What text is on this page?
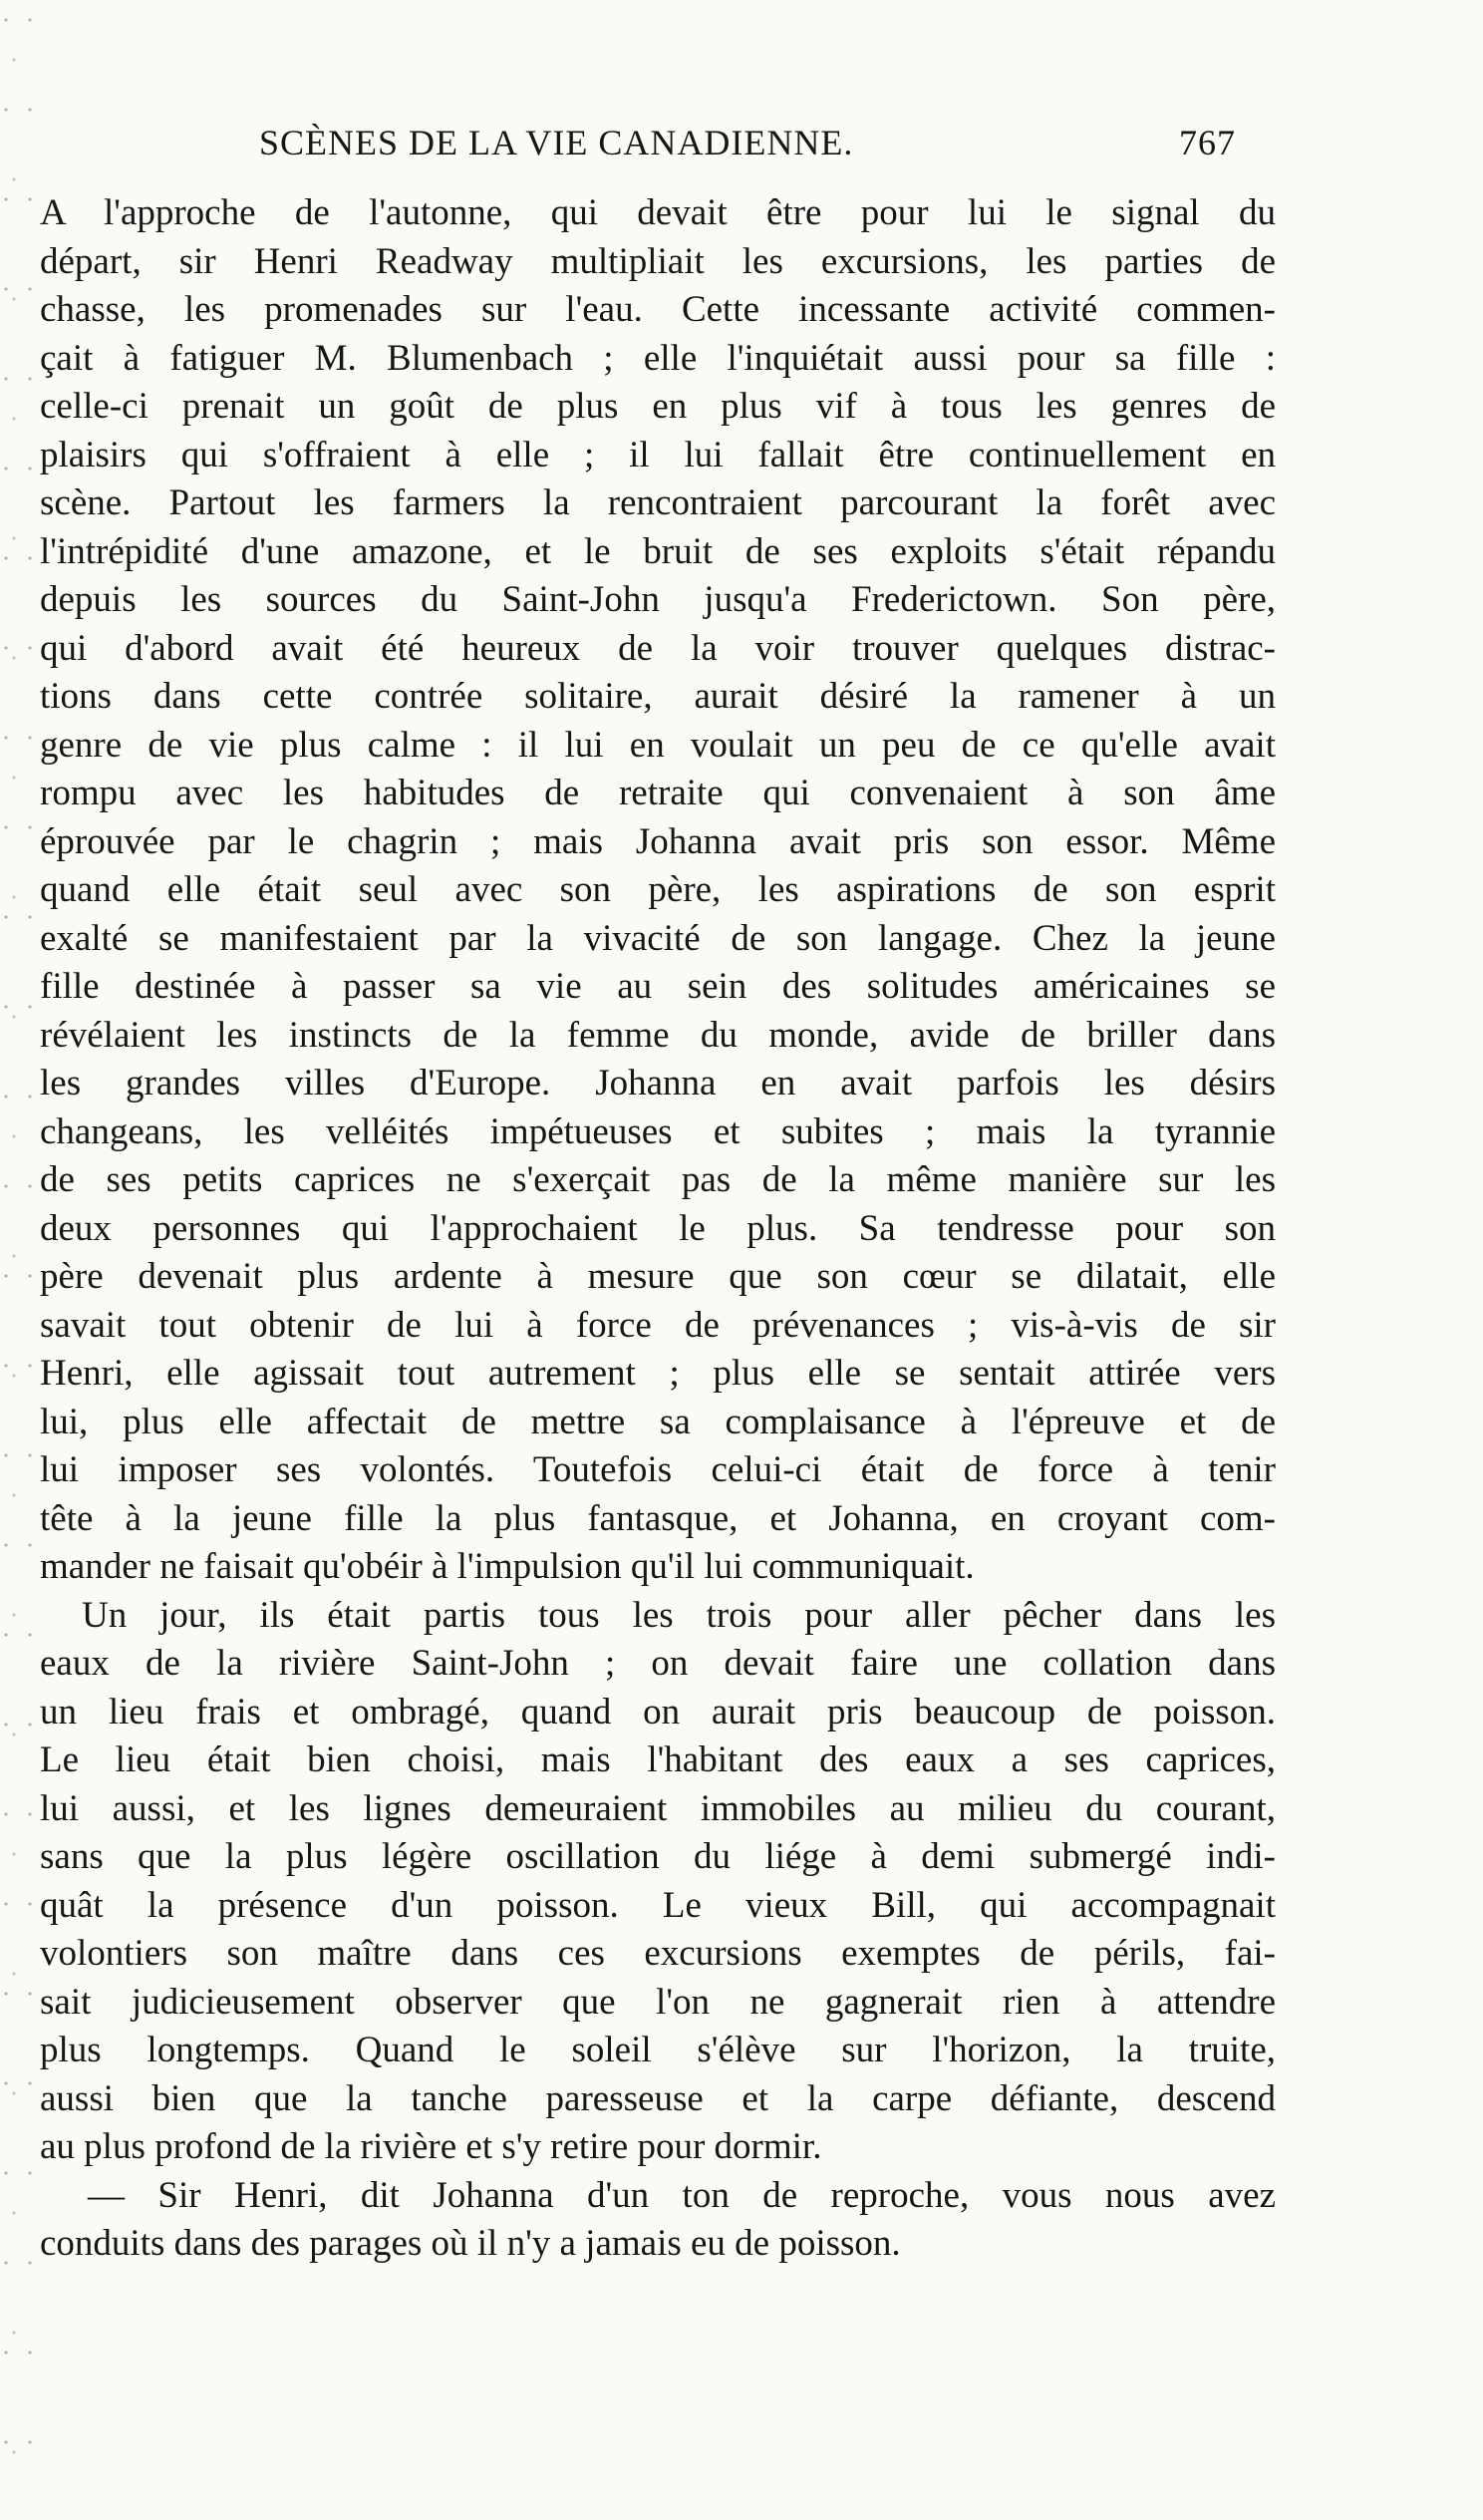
SCÈNES DE LA VIE CANADIENNE.	767
A l'approche de l'autonne, qui devait être pour lui le signal du
départ, sir Henri Readway multipliait les excursions, les parties de
chasse, les promenades sur l'eau. Cette incessante activité commen-
çait à fatiguer M. Blumenbach ; elle l'inquiétait aussi pour sa fille :
celle-ci prenait un goût de plus en plus vif à tous les genres de
plaisirs qui s'offraient à elle ; il lui fallait être continuellement en
scène. Partout les farmers la rencontraient parcourant la forêt avec
l'intrépidité d'une amazone, et le bruit de ses exploits s'était répandu
depuis les sources du Saint-John jusqu'a Frederictown. Son père,
qui d'abord avait été heureux de la voir trouver quelques distrac-
tions dans cette contrée solitaire, aurait désiré la ramener à un
genre de vie plus calme : il lui en voulait un peu de ce qu'elle avait
rompu avec les habitudes de retraite qui convenaient à son âme
éprouvée par le chagrin ; mais Johanna avait pris son essor. Même
quand elle était seul avec son père, les aspirations de son esprit
exalté se manifestaient par la vivacité de son langage. Chez la jeune
fille destinée à passer sa vie au sein des solitudes américaines se
révélaient les instincts de la femme du monde, avide de briller dans
les grandes villes d'Europe. Johanna en avait parfois les désirs
changeans, les velléités impétueuses et subites ; mais la tyrannie
de ses petits caprices ne s'exerçait pas de la même manière sur les
deux personnes qui l'approchaient le plus. Sa tendresse pour son
père devenait plus ardente à mesure que son cœur se dilatait, elle
savait tout obtenir de lui à force de prévenances ; vis-à-vis de sir
Henri, elle agissait tout autrement ; plus elle se sentait attirée vers
lui, plus elle affectait de mettre sa complaisance à l'épreuve et de
lui imposer ses volontés. Toutefois celui-ci était de force à tenir
tête à la jeune fille la plus fantasque, et Johanna, en croyant com-
mander ne faisait qu'obéir à l'impulsion qu'il lui communiquait.
Un jour, ils était partis tous les trois pour aller pêcher dans les
eaux de la rivière Saint-John ; on devait faire une collation dans
un lieu frais et ombragé, quand on aurait pris beaucoup de poisson.
Le lieu était bien choisi, mais l'habitant des eaux a ses caprices,
lui aussi, et les lignes demeuraient immobiles au milieu du courant,
sans que la plus légère oscillation du liége à demi submergé indi-
quât la présence d'un poisson. Le vieux Bill, qui accompagnait
volontiers son maître dans ces excursions exemptes de périls, fai-
sait judicieusement observer que l'on ne gagnerait rien à attendre
plus longtemps. Quand le soleil s'élève sur l'horizon, la truite,
aussi bien que la tanche paresseuse et la carpe défiante, descend
au plus profond de la rivière et s'y retire pour dormir.
— Sir Henri, dit Johanna d'un ton de reproche, vous nous avez
conduits dans des parages où il n'y a jamais eu de poisson.
